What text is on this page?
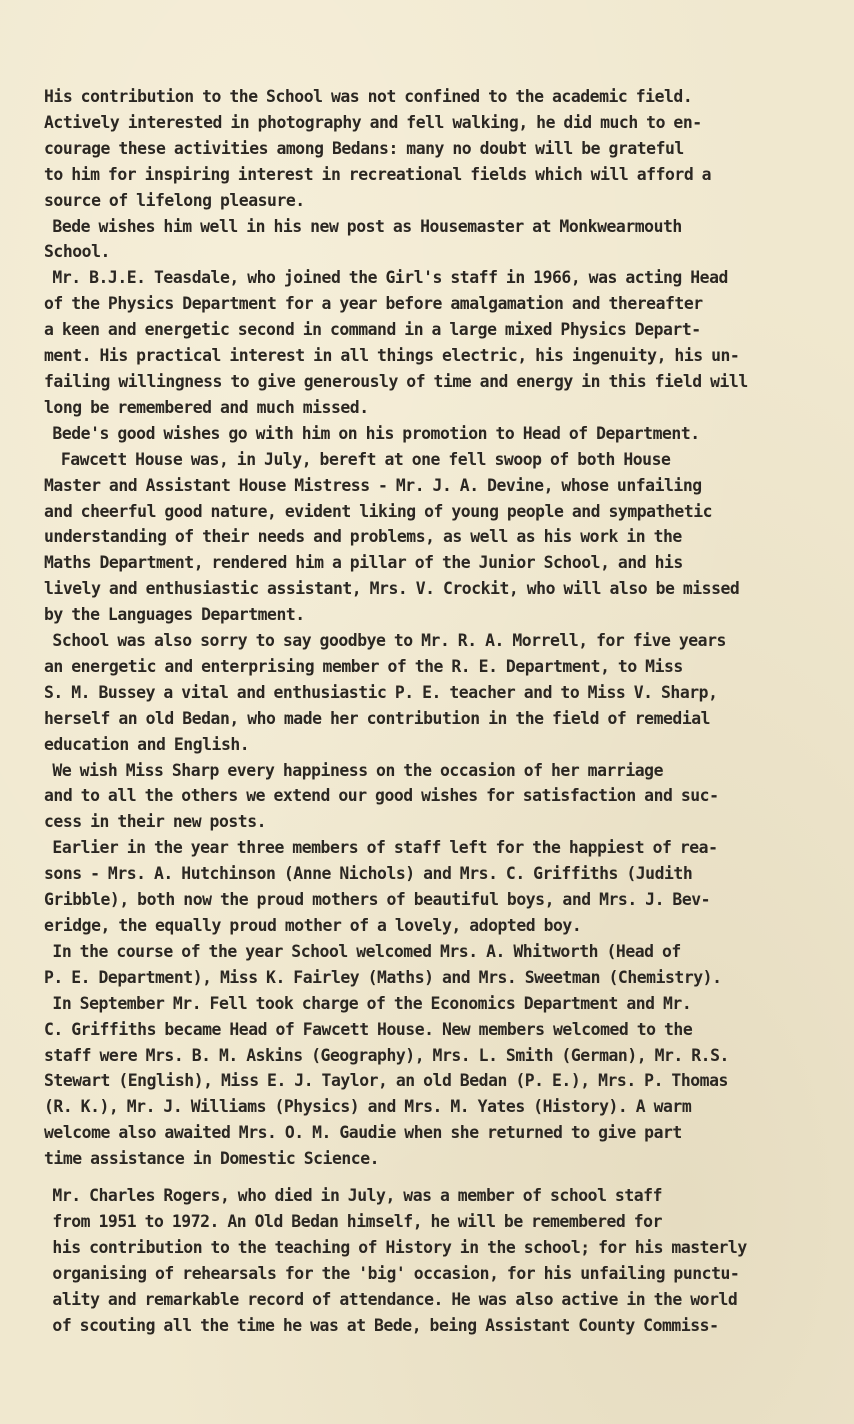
His contribution to the School was not confined to the academic field.
Actively interested in photography and fell walking, he did much to en-
courage these activities among Bedans: many no doubt will be grateful
to him for inspiring interest in recreational fields which will afford a
source of lifelong pleasure.
Bede wishes him well in his new post as Housemaster at Monkwearmouth
School.
Mr. B.J.E. Teasdale, who joined the Girl's staff in 1966, was acting Head
of the Physics Department for a year before amalgamation and thereafter
a keen and energetic second in command in a large mixed Physics Depart-
ment. His practical interest in all things electric, his ingenuity, his un-
failing willingness to give generously of time and energy in this field will
long be remembered and much missed.
Bede's good wishes go with him on his promotion to Head of Department.
Fawcett House was, in July, bereft at one fell swoop of both House
Master and Assistant House Mistress - Mr. J. A. Devine, whose unfailing
and cheerful good nature, evident liking of young people and sympathetic
understanding of their needs and problems, as well as his work in the
Maths Department, rendered him a pillar of the Junior School, and his
lively and enthusiastic assistant, Mrs. V. Crockit, who will also be missed
by the Languages Department.
School was also sorry to say goodbye to Mr. R. A. Morrell, for five years
an energetic and enterprising member of the R. E. Department, to Miss
S. M. Bussey a vital and enthusiastic P. E. teacher and to Miss V. Sharp,
herself an old Bedan, who made her contribution in the field of remedial
education and English.
We wish Miss Sharp every happiness on the occasion of her marriage
and to all the others we extend our good wishes for satisfaction and suc-
cess in their new posts.
Earlier in the year three members of staff left for the happiest of rea-
sons - Mrs. A. Hutchinson (Anne Nichols) and Mrs. C. Griffiths (Judith
Gribble), both now the proud mothers of beautiful boys, and Mrs. J. Bev-
eridge, the equally proud mother of a lovely, adopted boy.
In the course of the year School welcomed Mrs. A. Whitworth (Head of
P. E. Department), Miss K. Fairley (Maths) and Mrs. Sweetman (Chemistry).
In September Mr. Fell took charge of the Economics Department and Mr.
C. Griffiths became Head of Fawcett House. New members welcomed to the
staff were Mrs. B. M. Askins (Geography), Mrs. L. Smith (German), Mr. R.S.
Stewart (English), Miss E. J. Taylor, an old Bedan (P. E.), Mrs. P. Thomas
(R. K.), Mr. J. Williams (Physics) and Mrs. M. Yates (History). A warm
welcome also awaited Mrs. O. M. Gaudie when she returned to give part
time assistance in Domestic Science.
Mr. Charles Rogers, who died in July, was a member of school staff
from 1951 to 1972. An Old Bedan himself, he will be remembered for
his contribution to the teaching of History in the school; for his masterly
organising of rehearsals for the 'big' occasion, for his unfailing punctu-
ality and remarkable record of attendance. He was also active in the world
of scouting all the time he was at Bede, being Assistant County Commiss-
